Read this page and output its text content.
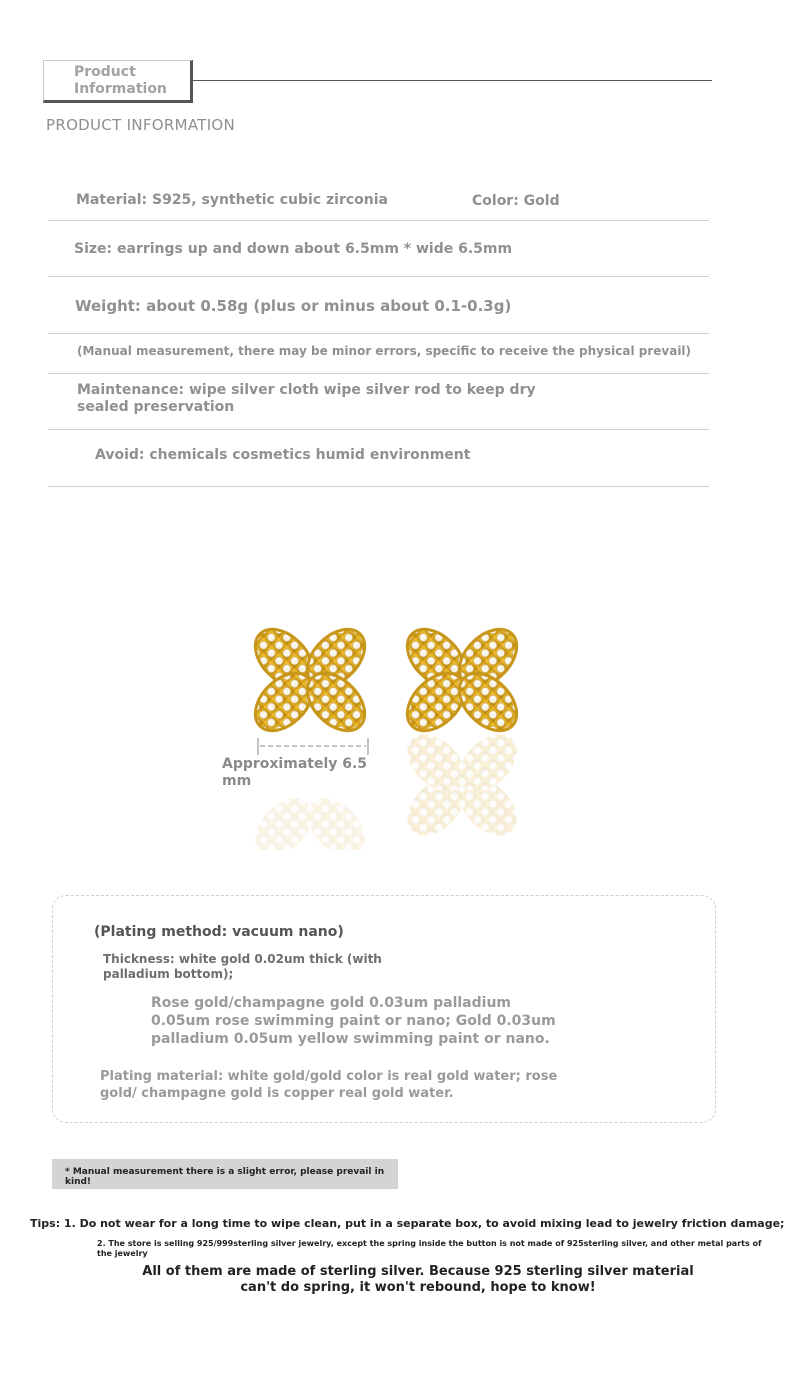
Product Information
PRODUCT INFORMATION
Material: S925, synthetic cubic zirconia	Color: Gold
Size: earrings up and down about 6.5mm * wide 6.5mm
Weight: about 0.58g (plus or minus about 0.1-0.3g)
(Manual measurement, there may be minor errors, specific to receive the physical prevail)
Maintenance: wipe silver cloth wipe silver rod to keep dry sealed preservation
Avoid: chemicals cosmetics humid environment
Approximately 6.5 mm
(Plating method: vacuum nano)
Thickness: white gold 0.02um thick (with palladium bottom);
Rose gold/champagne gold 0.03um palladium 0.05um rose swimming paint or nano; Gold 0.03um palladium 0.05um yellow swimming paint or nano.
Plating material: white gold/gold color is real gold water; rose gold/ champagne gold is copper real gold water.
* Manual measurement there is a slight error, please prevail in kind!
Tips: 1. Do not wear for a long time to wipe clean, put in a separate box, to avoid mixing lead to jewelry friction damage;
2. The store is selling 925/999sterling silver jewelry, except the spring inside the button is not made of 925sterling silver, and other metal parts of the jewelry
All of them are made of sterling silver. Because 925 sterling silver material can't do spring, it won't rebound, hope to know!
